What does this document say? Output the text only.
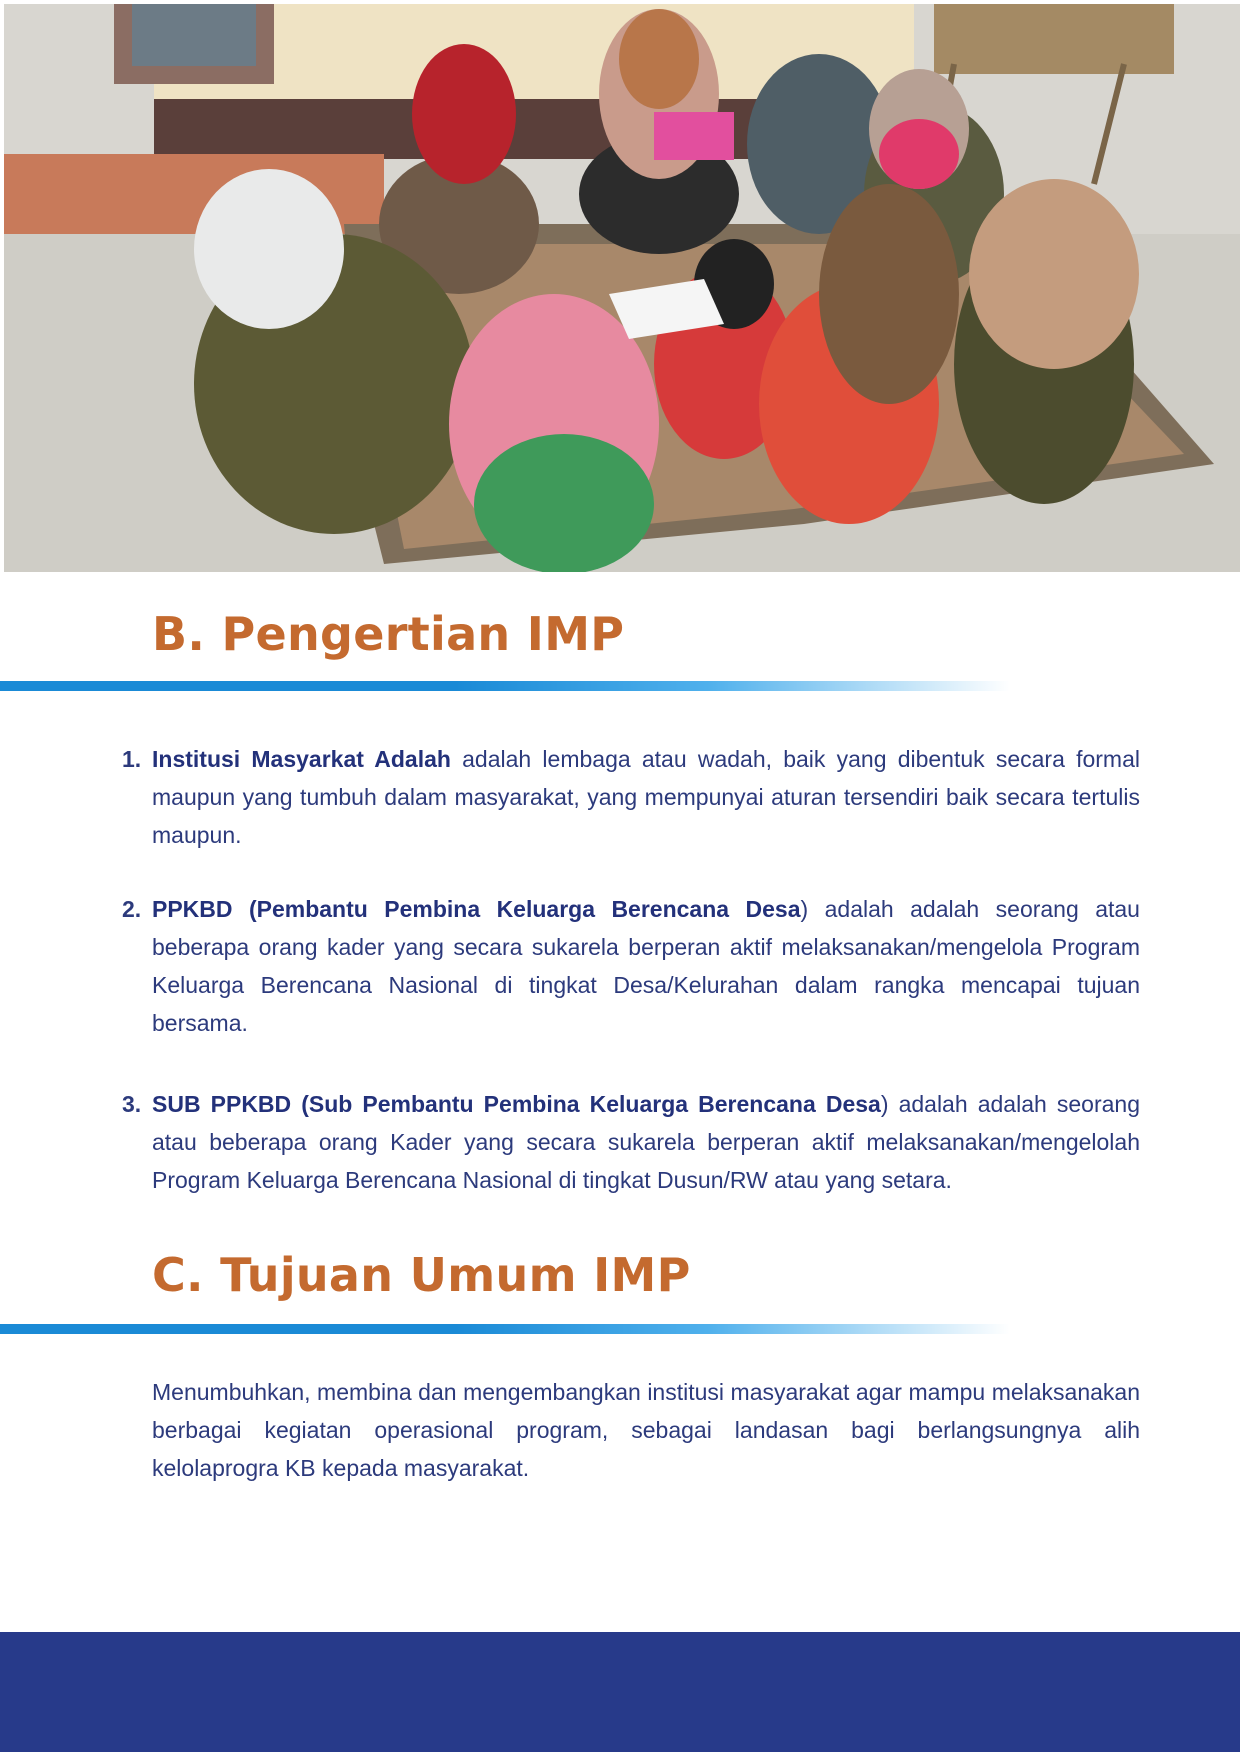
B. Pengertian IMP
1. Institusi Masyarkat Adalah adalah lembaga atau wadah, baik yang dibentuk secara formal maupun yang tumbuh dalam masyarakat, yang mempunyai aturan tersendiri baik secara tertulis maupun.
2. PPKBD (Pembantu Pembina Keluarga Berencana Desa) adalah adalah seorang atau beberapa orang kader yang secara sukarela berperan aktif melaksanakan/mengelola Program Keluarga Berencana Nasional di tingkat Desa/Kelurahan dalam rangka mencapai tujuan bersama.
3. SUB PPKBD (Sub Pembantu Pembina Keluarga Berencana Desa) adalah adalah seorang atau beberapa orang Kader yang secara sukarela berperan aktif melaksanakan/mengelolah Program Keluarga Berencana Nasional di tingkat Dusun/RW atau yang setara.
C. Tujuan Umum IMP

Menumbuhkan, membina dan mengembangkan institusi masyarakat agar mampu melaksanakan berbagai kegiatan operasional program, sebagai landasan bagi berlangsungnya alih kelolaprogra KB kepada masyarakat.
